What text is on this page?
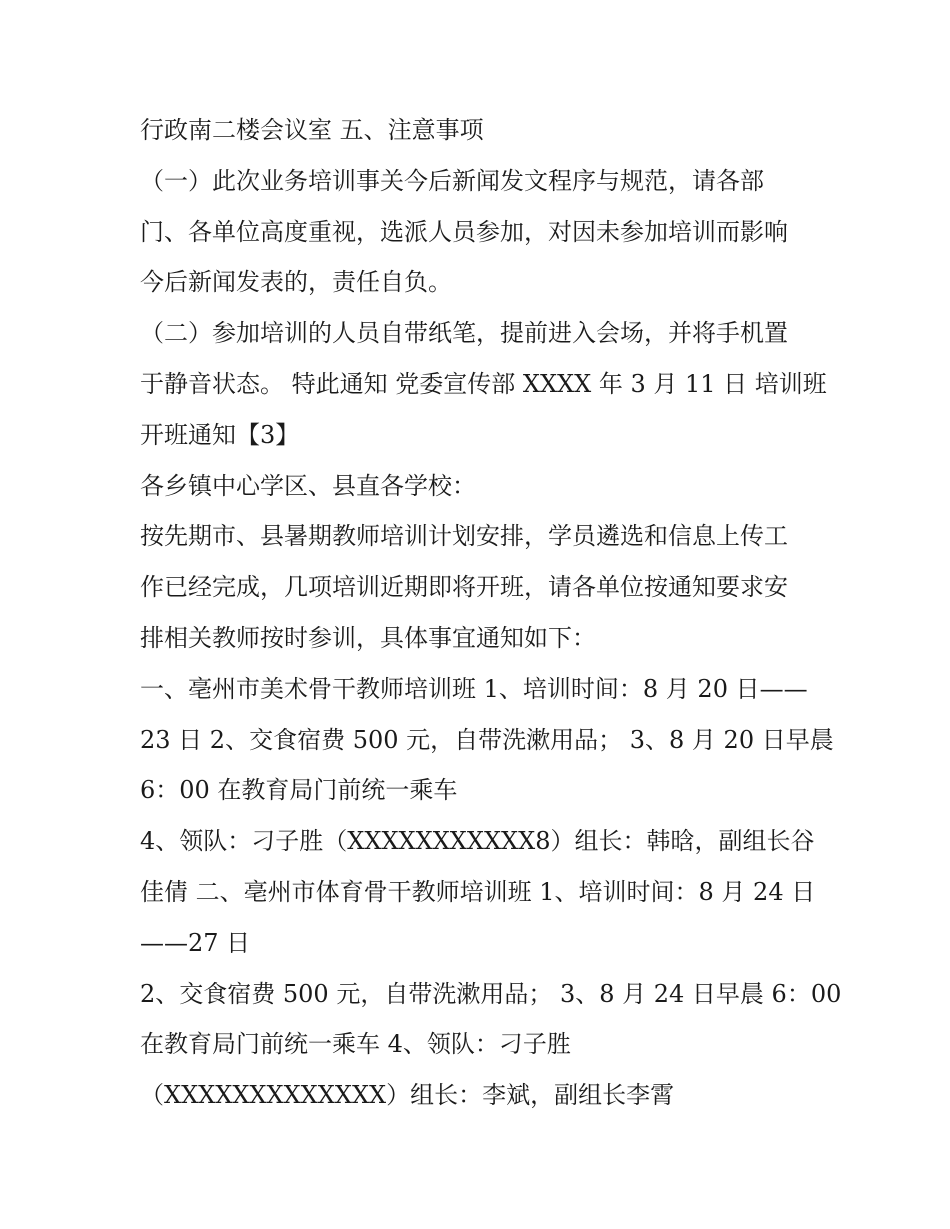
行政南二楼会议室 五、注意事项
（一）此次业务培训事关今后新闻发文程序与规范，请各部
门、各单位高度重视，选派人员参加，对因未参加培训而影响
今后新闻发表的，责任自负。
（二）参加培训的人员自带纸笔，提前进入会场，并将手机置
于静音状态。 特此通知 党委宣传部 XXXX 年 3 月 11 日 培训班
开班通知【3】
各乡镇中心学区、县直各学校：
按先期市、县暑期教师培训计划安排，学员遴选和信息上传工
作已经完成，几项培训近期即将开班，请各单位按通知要求安
排相关教师按时参训，具体事宜通知如下：
一、亳州市美术骨干教师培训班 1、培训时间：8 月 20 日——
23 日 2、交食宿费 500 元，自带洗漱用品； 3、8 月 20 日早晨
6：00 在教育局门前统一乘车
4、领队：刁子胜（XXXXXXXXXXX8）组长：韩晗，副组长谷
佳倩 二、亳州市体育骨干教师培训班 1、培训时间：8 月 24 日
——27 日
2、交食宿费 500 元，自带洗漱用品； 3、8 月 24 日早晨 6：00
在教育局门前统一乘车 4、领队：刁子胜
（XXXXXXXXXXXXX）组长：李斌，副组长李霄
